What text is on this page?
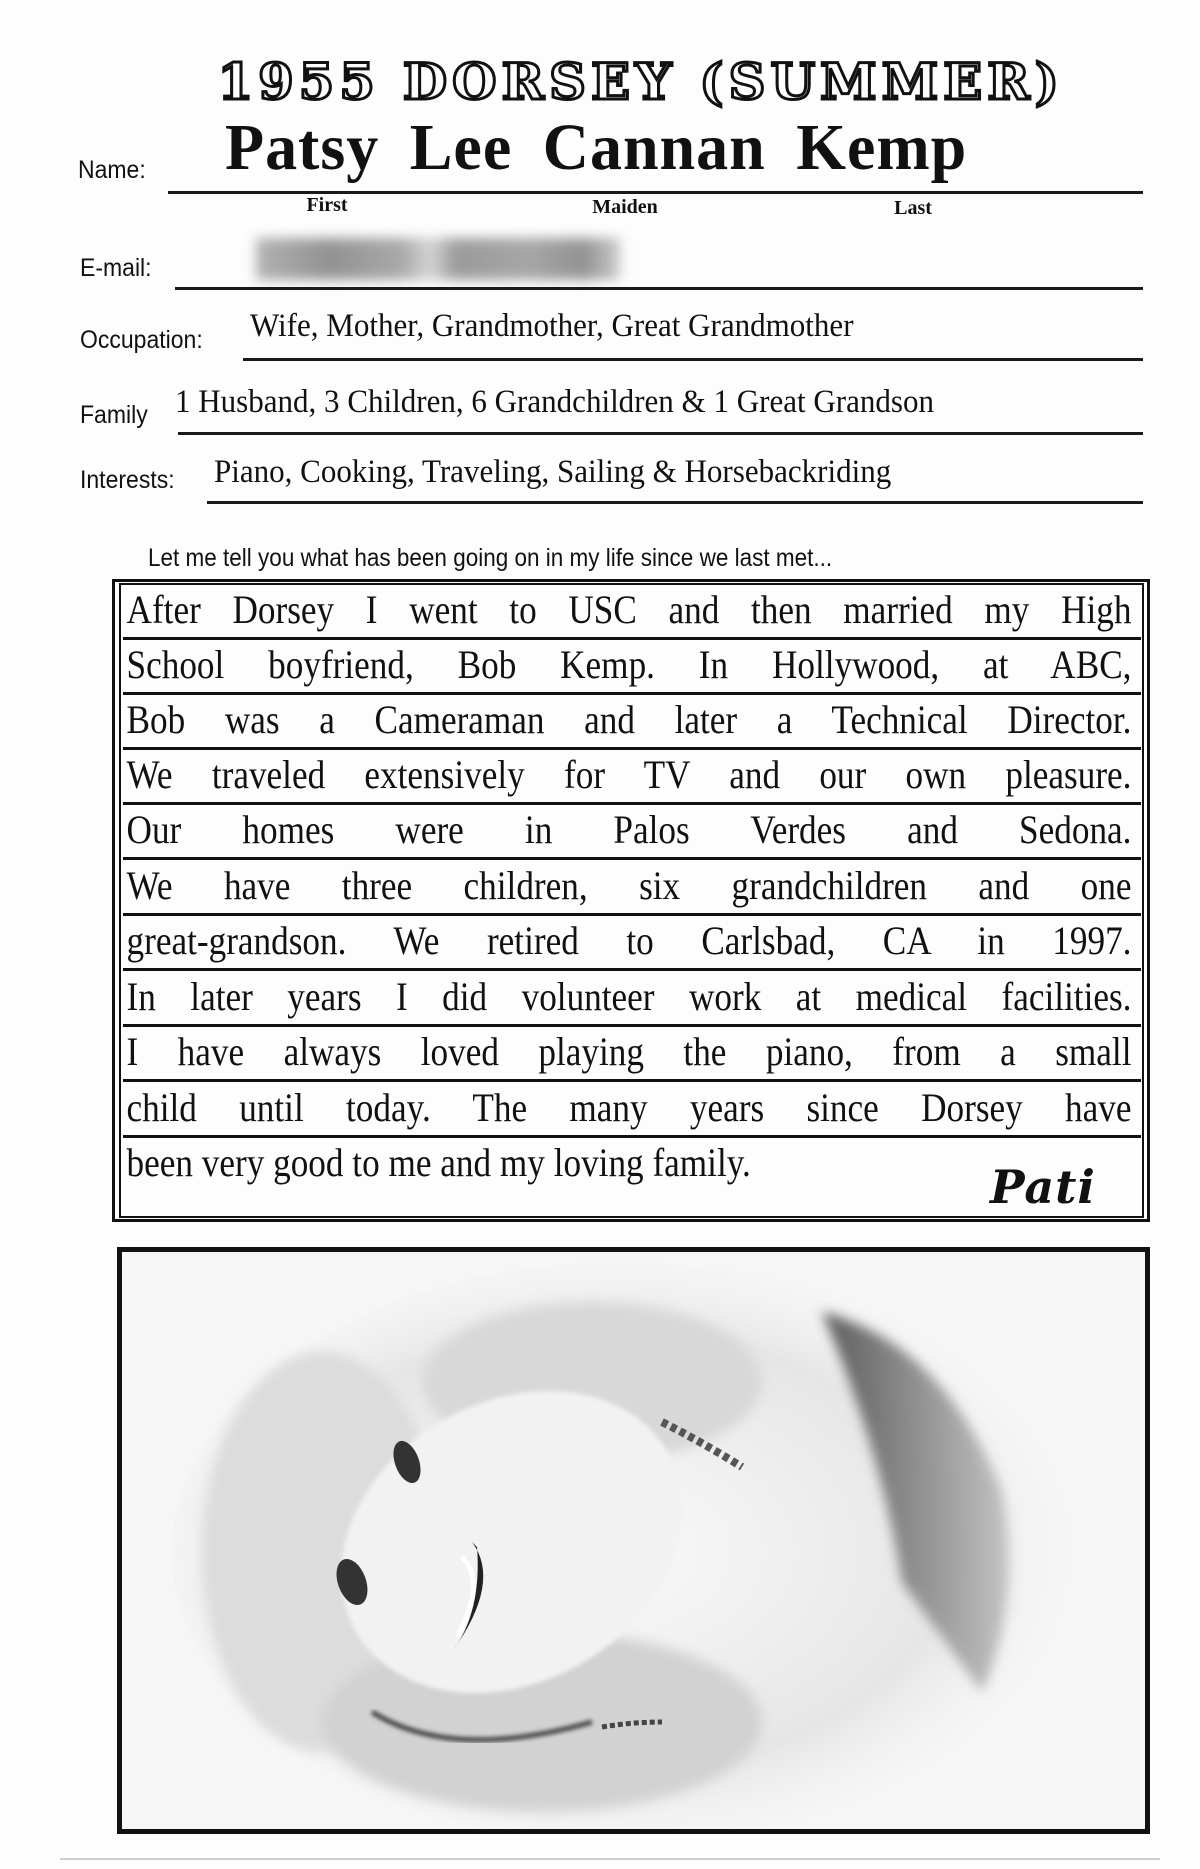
1955 DORSEY (SUMMER)
Name: Patsy Lee Cannan Kemp
First	Maiden	Last
E-mail:
Occupation: Wife, Mother, Grandmother, Great Grandmother
Family 1 Husband, 3 Children, 6 Grandchildren & 1 Great Grandson
Interests: Piano, Cooking, Traveling, Sailing & Horsebackriding
Let me tell you what has been going on in my life since we last met...
After Dorsey I went to USC and then married my High
School boyfriend, Bob Kemp. In Hollywood, at ABC,
Bob was a Cameraman and later a Technical Director.
We traveled extensively for TV and our own pleasure.
Our homes were in Palos Verdes and Sedona.
We have three children, six grandchildren and one
great-grandson. We retired to Carlsbad, CA in 1997.
In later years I did volunteer work at medical facilities.
I have always loved playing the piano, from a small
child until today. The many years since Dorsey have
been very good to me and my loving family.	Pati
